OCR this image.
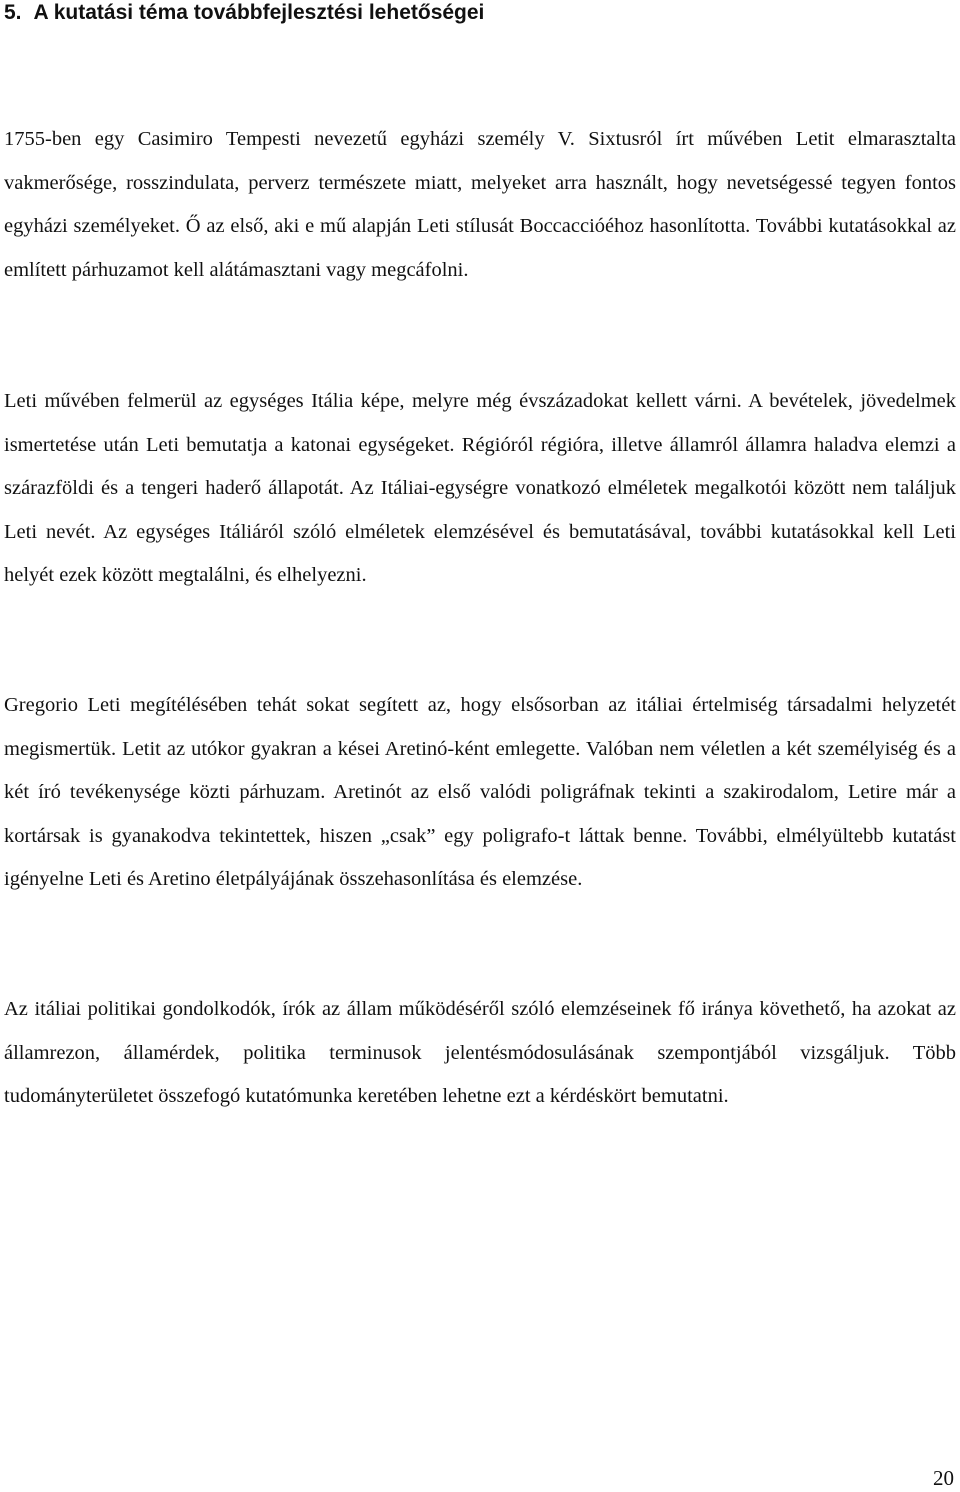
5. A kutatási téma továbbfejlesztési lehetőségei

1755-ben egy Casimiro Tempesti nevezetű egyházi személy V. Sixtusról írt művében Letit elmarasztalta vakmerősége, rosszindulata, perverz természete miatt, melyeket arra használt, hogy nevetségessé tegyen fontos egyházi személyeket. Ő az első, aki e mű alapján Leti stílusát Boccaccióéhoz hasonlította. További kutatásokkal az említett párhuzamot kell alátámasztani vagy megcáfolni.

Leti művében felmerül az egységes Itália képe, melyre még évszázadokat kellett várni. A bevételek, jövedelmek ismertetése után Leti bemutatja a katonai egységeket. Régióról régióra, illetve államról államra haladva elemzi a szárazföldi és a tengeri haderő állapotát. Az Itáliai-egységre vonatkozó elméletek megalkotói között nem találjuk Leti nevét. Az egységes Itáliáról szóló elméletek elemzésével és bemutatásával, további kutatásokkal kell Leti helyét ezek között megtalálni, és elhelyezni.

Gregorio Leti megítélésében tehát sokat segített az, hogy elsősorban az itáliai értelmiség társadalmi helyzetét megismertük. Letit az utókor gyakran a kései Aretinó-ként emlegette. Valóban nem véletlen a két személyiség és a két író tevékenysége közti párhuzam. Aretinót az első valódi poligráfnak tekinti a szakirodalom, Letire már a kortársak is gyanakodva tekintettek, hiszen „csak” egy poligrafo-t láttak benne. További, elmélyültebb kutatást igényelne Leti és Aretino életpályájának összehasonlítása és elemzése.

Az itáliai politikai gondolkodók, írók az állam működéséről szóló elemzéseinek fő iránya követhető, ha azokat az államrezon, államérdek, politika terminusok jelentésmódosulásának szempontjából vizsgáljuk. Több tudományterületet összefogó kutatómunka keretében lehetne ezt a kérdéskört bemutatni.

20
